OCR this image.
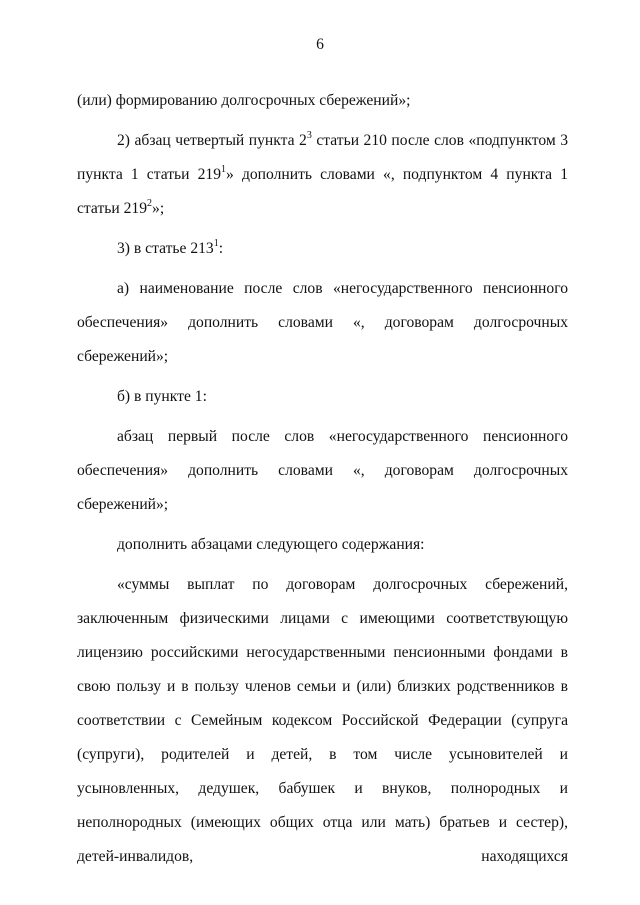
6

(или) формированию долгосрочных сбережений»;

2) абзац четвертый пункта $2^3$ статьи 210 после слов «подпунктом 3 пункта 1 статьи $219^1$» дополнить словами «, подпунктом 4 пункта 1 статьи $219^2$»;

3) в статье $213^1$:

а) наименование после слов «негосударственного пенсионного обеспечения» дополнить словами «, договорам долгосрочных сбережений»;

б) в пункте 1:

абзац первый после слов «негосударственного пенсионного обеспечения» дополнить словами «, договорам долгосрочных сбережений»;

дополнить абзацами следующего содержания:

«суммы выплат по договорам долгосрочных сбережений, заключенным физическими лицами с имеющими соответствующую лицензию российскими негосударственными пенсионными фондами в свою пользу и в пользу членов семьи и (или) близких родственников в соответствии с Семейным кодексом Российской Федерации (супруга (супруги), родителей и детей, в том числе усыновителей и усыновленных, дедушек, бабушек и внуков, полнородных и неполнородных (имеющих общих отца или мать) братьев и сестер), детей-инвалидов, находящихся
